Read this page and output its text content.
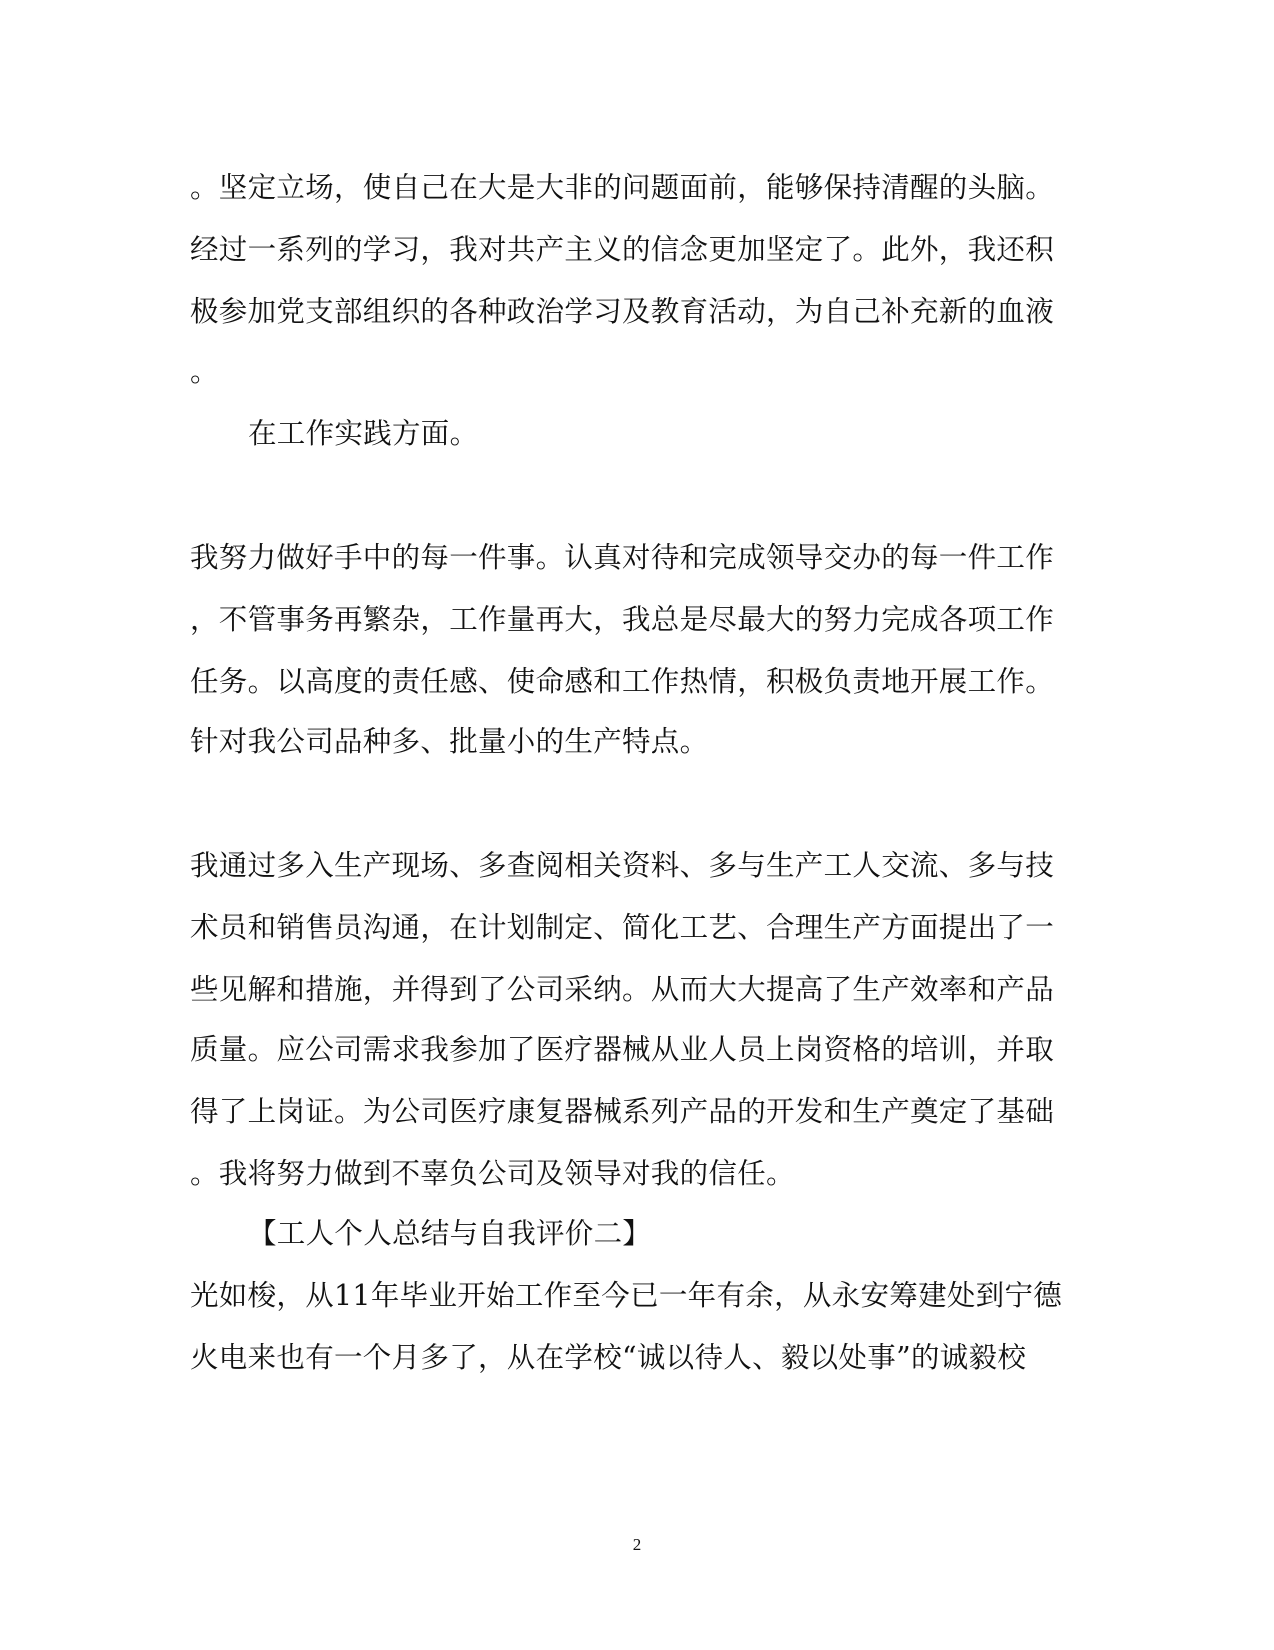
。坚定立场，使自己在大是大非的问题面前，能够保持清醒的头脑。
经过一系列的学习，我对共产主义的信念更加坚定了。此外，我还积
极参加党支部组织的各种政治学习及教育活动，为自己补充新的血液
。
在工作实践方面。
我努力做好手中的每一件事。认真对待和完成领导交办的每一件工作
，不管事务再繁杂，工作量再大，我总是尽最大的努力完成各项工作
任务。以高度的责任感、使命感和工作热情，积极负责地开展工作。
针对我公司品种多、批量小的生产特点。
我通过多入生产现场、多查阅相关资料、多与生产工人交流、多与技
术员和销售员沟通，在计划制定、简化工艺、合理生产方面提出了一
些见解和措施，并得到了公司采纳。从而大大提高了生产效率和产品
质量。应公司需求我参加了医疗器械从业人员上岗资格的培训，并取
得了上岗证。为公司医疗康复器械系列产品的开发和生产奠定了基础
。我将努力做到不辜负公司及领导对我的信任。
【工人个人总结与自我评价二】
光如梭，从11年毕业开始工作至今已一年有余，从永安筹建处到宁德
火电来也有一个月多了，从在学校“诚以待人、毅以处事”的诚毅校
2
